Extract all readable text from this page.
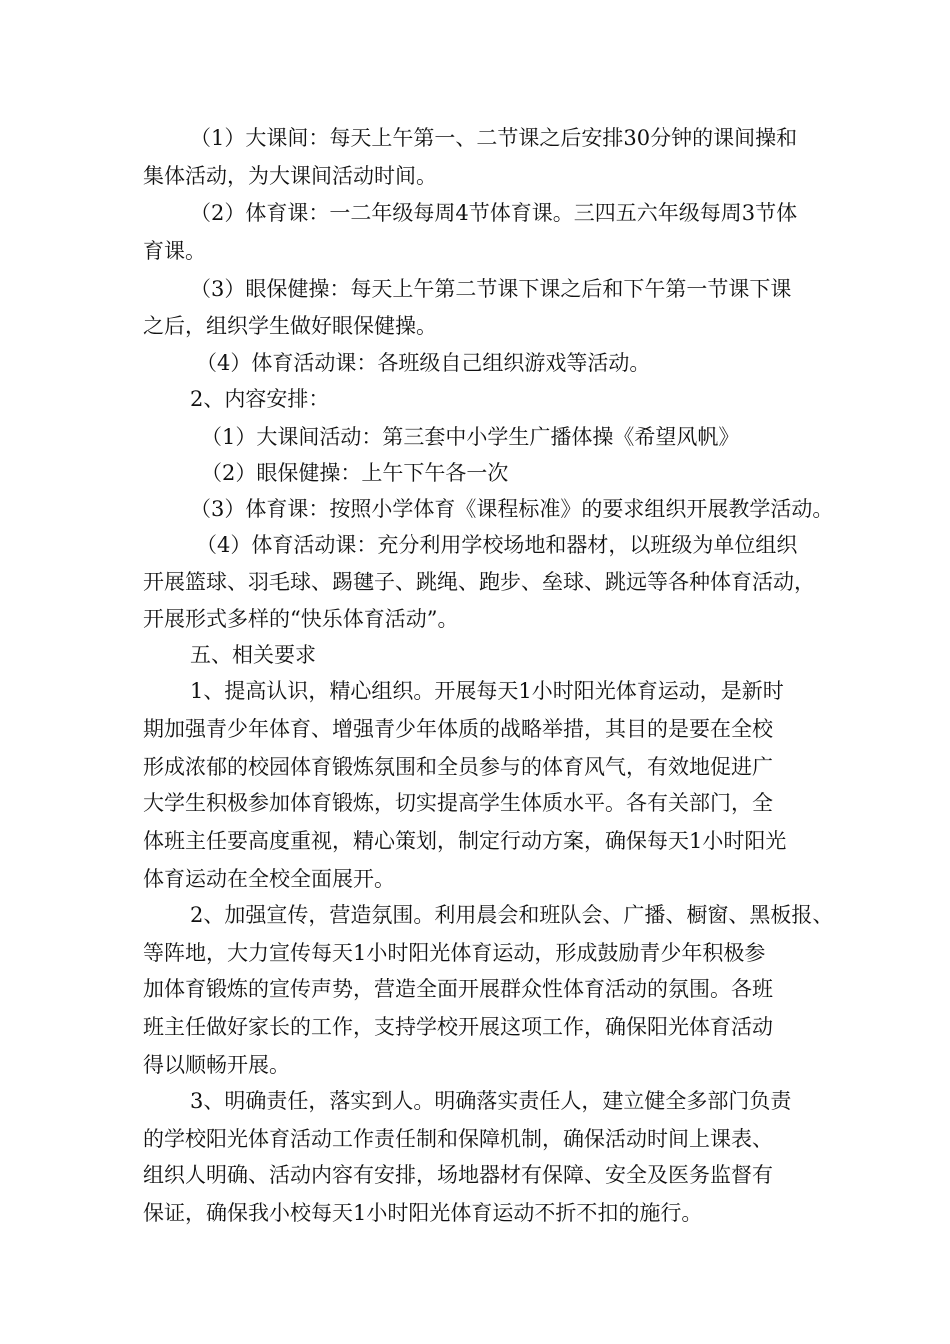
（1）大课间：每天上午第一、二节课之后安排30分钟的课间操和
集体活动，为大课间活动时间。
（2）体育课：一二年级每周4节体育课。三四五六年级每周3节体
育课。
（3）眼保健操：每天上午第二节课下课之后和下午第一节课下课
之后，组织学生做好眼保健操。
（4）体育活动课：各班级自己组织游戏等活动。
2、内容安排：
（1）大课间活动：第三套中小学生广播体操《希望风帆》
（2）眼保健操：上午下午各一次
（3）体育课：按照小学体育《课程标准》的要求组织开展教学活动。
（4）体育活动课：充分利用学校场地和器材，以班级为单位组织
开展篮球、羽毛球、踢毽子、跳绳、跑步、垒球、跳远等各种体育活动，
开展形式多样的“快乐体育活动”。
五、相关要求
1、提高认识，精心组织。开展每天1小时阳光体育运动，是新时
期加强青少年体育、增强青少年体质的战略举措，其目的是要在全校
形成浓郁的校园体育锻炼氛围和全员参与的体育风气，有效地促进广
大学生积极参加体育锻炼，切实提高学生体质水平。各有关部门，全
体班主任要高度重视，精心策划，制定行动方案，确保每天1小时阳光
体育运动在全校全面展开。
2、加强宣传，营造氛围。利用晨会和班队会、广播、橱窗、黑板报、
等阵地，大力宣传每天1小时阳光体育运动，形成鼓励青少年积极参
加体育锻炼的宣传声势，营造全面开展群众性体育活动的氛围。各班
班主任做好家长的工作，支持学校开展这项工作，确保阳光体育活动
得以顺畅开展。
3、明确责任，落实到人。明确落实责任人，建立健全多部门负责
的学校阳光体育活动工作责任制和保障机制，确保活动时间上课表、
组织人明确、活动内容有安排，场地器材有保障、安全及医务监督有
保证，确保我小校每天1小时阳光体育运动不折不扣的施行。
